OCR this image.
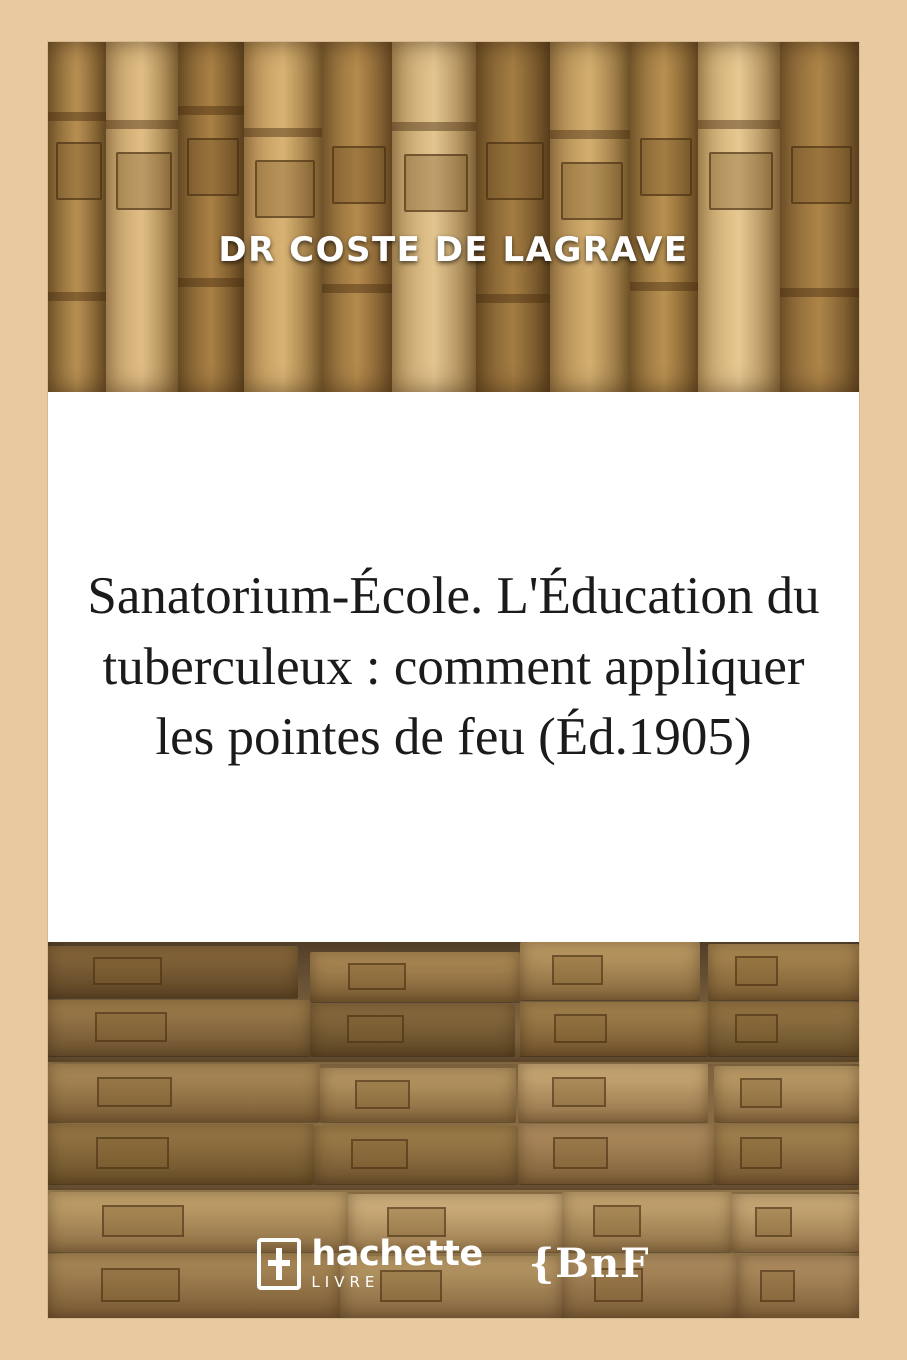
DR COSTE DE LAGRAVE
Sanatorium-École. L'Éducation du tuberculeux : comment appliquer les pointes de feu (Éd.1905)
hachette
LIVRE	{BnF
